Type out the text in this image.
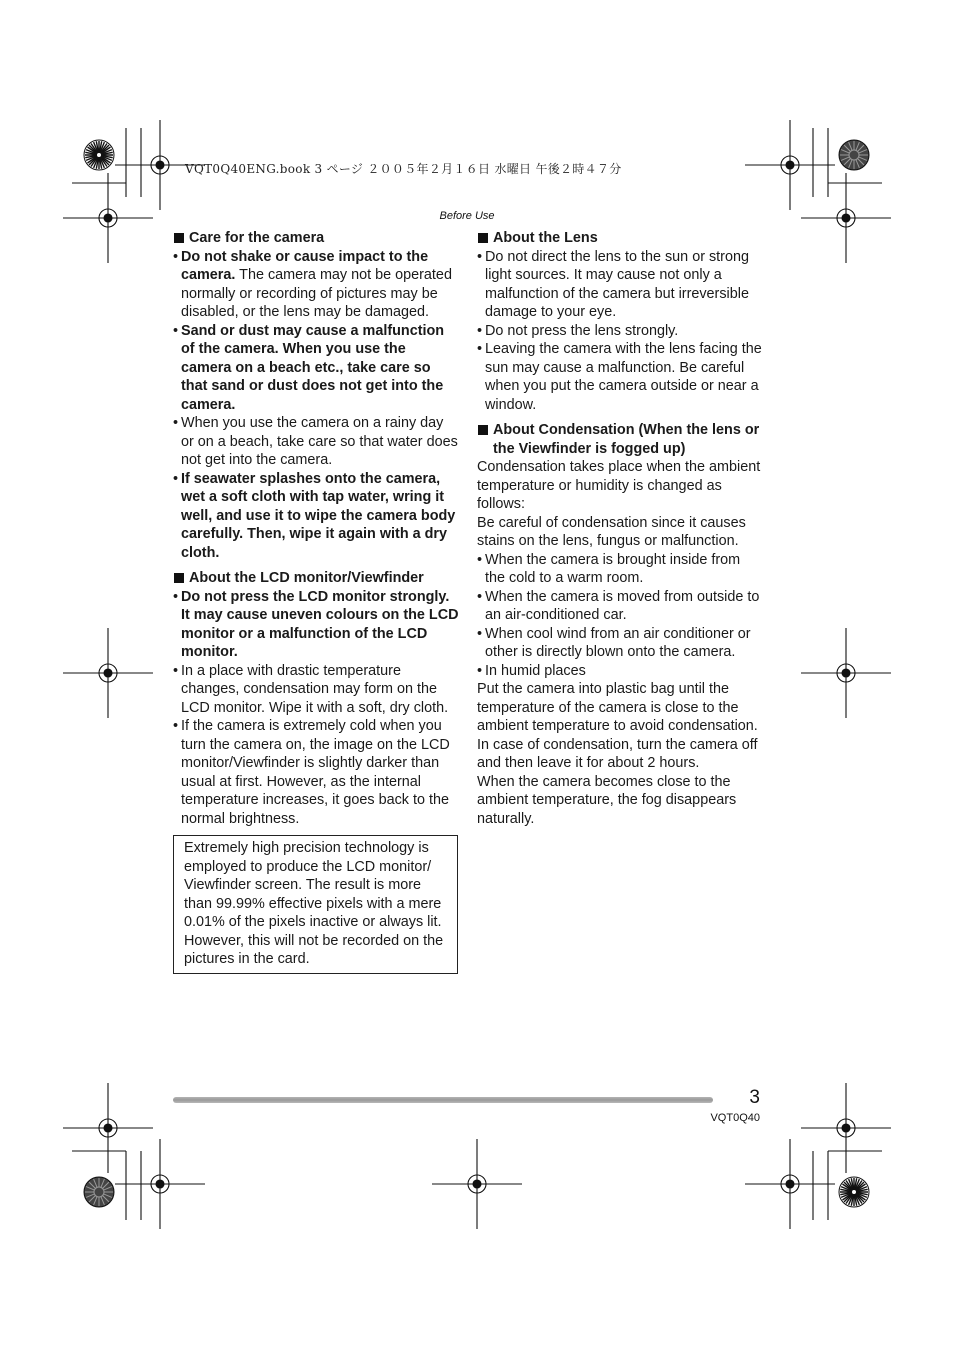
VQT0Q40ENG.book 3 ページ ２００５年２月１６日 水曜日 午後２時４７分
Before Use
Care for the camera
• Do not shake or cause impact to the camera. The camera may not be operated normally or recording of pictures may be disabled, or the lens may be damaged.
• Sand or dust may cause a malfunction of the camera. When you use the camera on a beach etc., take care so that sand or dust does not get into the camera.
• When you use the camera on a rainy day or on a beach, take care so that water does not get into the camera.
• If seawater splashes onto the camera, wet a soft cloth with tap water, wring it well, and use it to wipe the camera body carefully. Then, wipe it again with a dry cloth.
About the LCD monitor/Viewfinder
• Do not press the LCD monitor strongly. It may cause uneven colours on the LCD monitor or a malfunction of the LCD monitor.
• In a place with drastic temperature changes, condensation may form on the LCD monitor. Wipe it with a soft, dry cloth.
• If the camera is extremely cold when you turn the camera on, the image on the LCD monitor/Viewfinder is slightly darker than usual at first. However, as the internal temperature increases, it goes back to the normal brightness.
Extremely high precision technology is employed to produce the LCD monitor/ Viewfinder screen. The result is more than 99.99% effective pixels with a mere 0.01% of the pixels inactive or always lit. However, this will not be recorded on the pictures in the card.
About the Lens
• Do not direct the lens to the sun or strong light sources. It may cause not only a malfunction of the camera but irreversible damage to your eye.
• Do not press the lens strongly.
• Leaving the camera with the lens facing the sun may cause a malfunction. Be careful when you put the camera outside or near a window.
About Condensation (When the lens or the Viewfinder is fogged up)

Condensation takes place when the ambient temperature or humidity is changed as follows:

Be careful of condensation since it causes stains on the lens, fungus or malfunction.

• When the camera is brought inside from the cold to a warm room.
• When the camera is moved from outside to an air-conditioned car.
• When cool wind from an air conditioner or other is directly blown onto the camera.
• In humid places

Put the camera into plastic bag until the temperature of the camera is close to the ambient temperature to avoid condensation. In case of condensation, turn the camera off and then leave it for about 2 hours.

When the camera becomes close to the ambient temperature, the fog disappears naturally.

3
VQT0Q40
